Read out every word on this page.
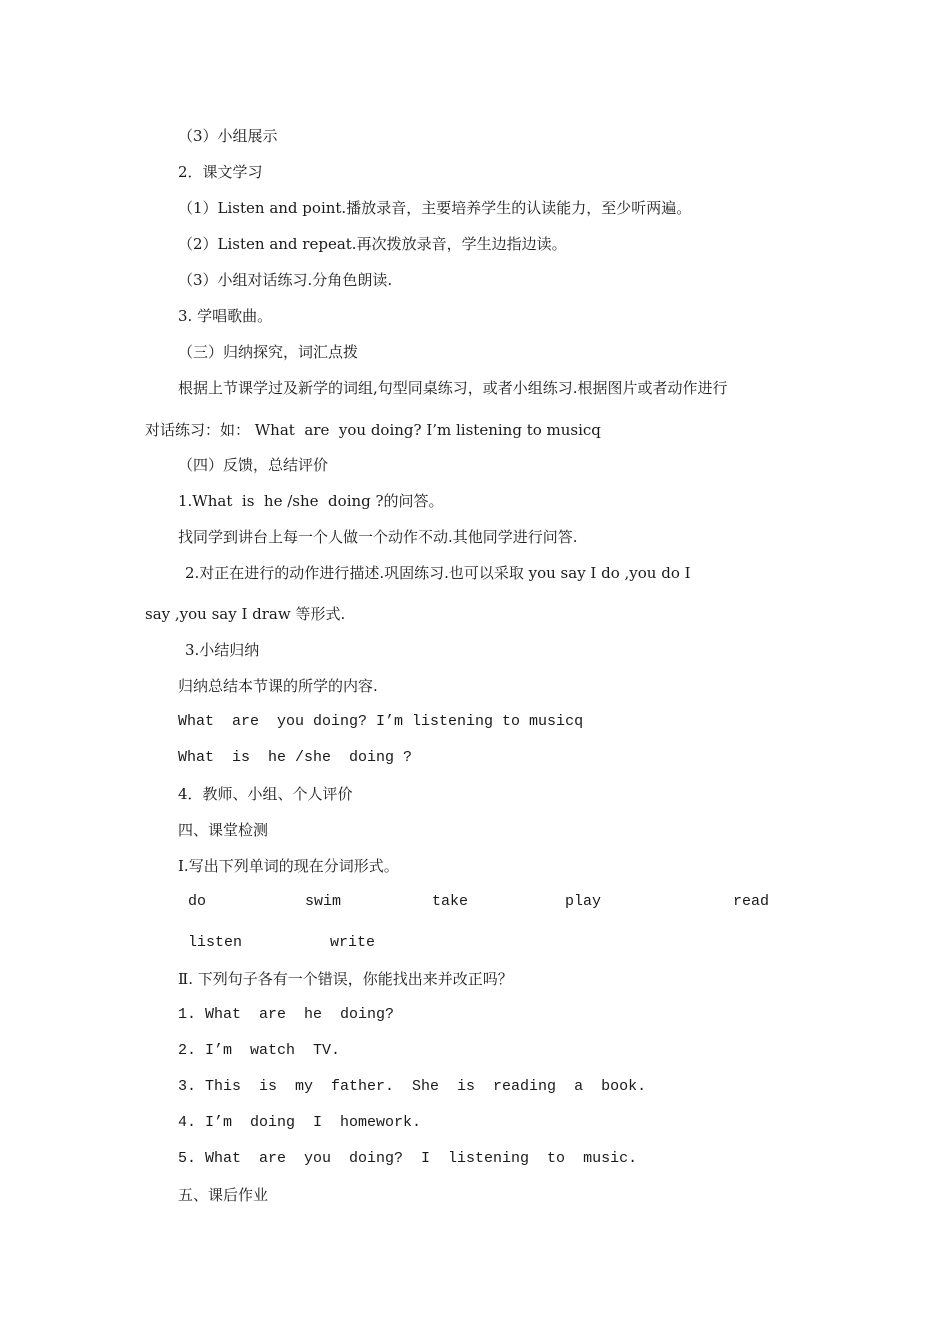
（3）小组展示
2．课文学习
（1）Listen and point.播放录音，主要培养学生的认读能力，至少听两遍。
（2）Listen and repeat.再次拨放录音，学生边指边读。
（3）小组对话练习.分角色朗读.
3. 学唱歌曲。
（三）归纳探究，词汇点拨
根据上节课学过及新学的词组,句型同桌练习，或者小组练习.根据图片或者动作进行
对话练习：如： What  are  you doing? I’m listening to musicq
（四）反馈，总结评价
1.What  is  he /she  doing ?的问答。
找同学到讲台上每一个人做一个动作不动.其他同学进行问答.
2.对正在进行的动作进行描述.巩固练习.也可以采取 you say I do ,you do I
say ,you say I draw 等形式.
3.小结归纳
归纳总结本节课的所学的内容.
What  are  you doing? I’m listening to musicq
What  is  he /she  doing ?
4．教师、小组、个人评价
四、课堂检测
Ⅰ.写出下列单词的现在分词形式。
do	swim	take	play	read
listen	write
Ⅱ. 下列句子各有一个错误，你能找出来并改正吗？
1. What  are  he  doing?
2. I’m  watch  TV.
3. This  is  my  father.  She  is  reading  a  book.
4. I’m  doing  I  homework.
5. What  are  you  doing?  I  listening  to  music.
五、课后作业
